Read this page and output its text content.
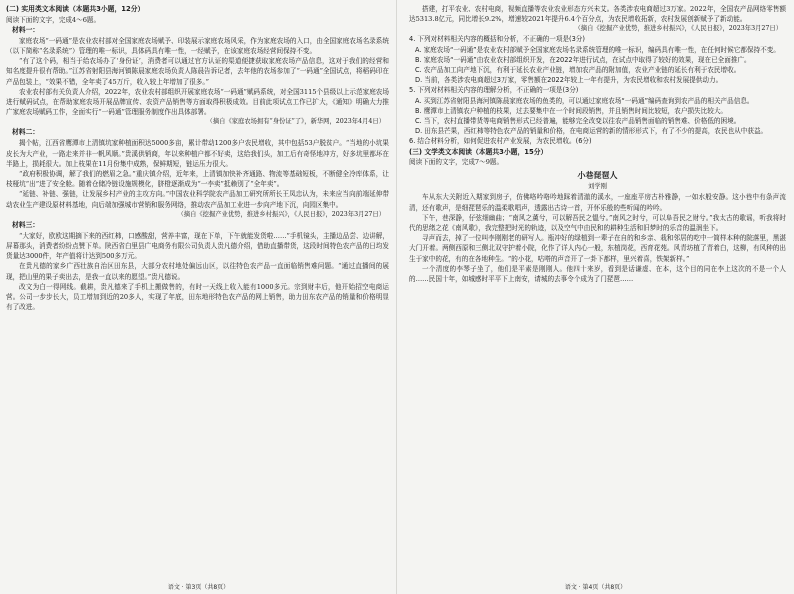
(二) 实用类文本阅读（本题共3小题，12分）

阅读下面的文字，完成4～6题。

材料一：

家庭农场“一码通”是农业农村部对全国家庭农场赋予、印装展示家庭农场风采，作为家庭农场的入口，由全国家庭农场名录系统（以下简称“名录系统”）管理的唯一标识，具体码具有唯一性，一经赋予，在该家庭农场经营间保持不变。

“有了这个码，相当于给农场办了‘身份证’，消费者可以通过官方认证的渠道便捷获取家庭农场产品信息，这对于我们的经营和知名度提升很有帮助。”江苏省射阳县海河镇陈晨家庭农场负责人陈晨告诉记者，去年他的农场参加了“一码通”全国试点，将稻码印在产品包装上，“效果不错，全年卖了45万斤，收入较上年增加了很多。”

农业农村部有关负责人介绍，2022年，农业农村部组织开展家庭农场“一码通”赋码系统，对全国3115个县级以上示范家庭农场进行赋码试点，在帮助家庭农场开展品牌宣传、农资产品销售等方面取得积极成效。目前此项试点工作已扩大，《通知》明确大力推广家庭农场赋码工作，全面实行“一码通”管理服务制度作出具体部署。

（摘自《家庭农场拥有“身份证”了》，新华网，2023年4月4日）

材料二：

揭个帖，江西省鹰潭市上清镇坑家种植面积达5000多亩，累计带动1200多户农民增收，其中包括53户脱贫户。“当地的小坑果皮长为大产业，一路走来并非一帆风顺。”贵溪供销商，年以来种植户都不好卖，这给我们头，加工后有奇怪地冲方，好多坑里都坏在半路上，损耗很大。加上枝果在11月份集中成熟，保鲜期短，链运压力很大。

“政府积极协调，解了我们的燃眉之急。”重庆镇介绍，近年来，上清镇加快补齐通路、物流等基础短板，不断健全冷库体系，让枝桠坑“出”进了安全舱。随着仓储冷链设施规模化，脐橙逐渐成为“一李卖”抵赖别了“全年卖”。

“延链、补链、强链，让发展乡村产业的主攻方向。”中国农业科学院农产品加工研究所所长王凤忠认为，未来应当向前端延伸带动农业生产建设原材料基地，向后端加强城市营销和服务网络，推动农产品加工业进一步向产地下沉，向园区集中。

（摘自《挖掘产业优势，推进乡村振兴》，《人民日报》，2023年3月27日）

材料三：

“大家好，欧欧这期摘下来的西红柿，口感酸甜，营养丰富，现在下单，下午就能发货啦……”手机镜头，主播边品尝、边讲解，屏幕那头，消费者纷纷点赞下单。陕西省白里县广电商务有限公司负责人贵凡德介绍，借助直播带货，这段时间特色农产品的日均发货量达3000件，年产值将计达到500多万元。

在贵凡德的家乡广西壮族自治区田东县，大部分农村地处偏远山区，以往特色农产品一直面临销售难问题。“通过直播间的展现，把山里的果子卖出去，是我一直以来的愿望。”贵凡德说。

改文为白一得网线。截耕，贵凡德来了手机上搬做售的，有时一天线上收入能有1000多元。宗到财丰后，他开始招空电商运营。公司一步步长大，员工增加到近的20多人，实现了年底，田东地形特色农产品的网上销售，助力田东农产品的销量和价格明显有了改进。

语文 · 第3页（共8页）

搭建，打平农业、农村电商，视频直播等农业农业形态方兴未艾。各类涉农电商超过3万家。2022年，全国农产品网络零售额达5313.8亿元，同比增长9.2%，增速较2021年提升6.4个百分点，为农民增收拓新，农村发展创新赋予了新动能。

（摘自《挖掘产业优势，推进乡村振兴》，《人民日报》，2023年3月27日）

4. 下列对材料相关内容的概括和分析，不正确的一项是(3分)

A. 家庭农场“一码通”是农业农村部赋予全国家庭农场名录系统管理的唯一标识，编码具有唯一性，在任何时候它都保持不变。

B. 家庭农场“一码通”由农业农村部组织开发，在2022年进行试点，在试点中取得了较好的效果，现在已全面推广。

C. 农产品加工向产地下沉，有利于延长农业产业链，增加农产品的附加值，农业产业链的延长有利于农民增收。

D. 当前，各类涉农电商超过3万家，零售额在2022年较上一年有提升，为农民增收和农村发展提供动力。

5. 下列对材料相关内容的理解分析，不正确的一项是(3分)

A. 买到江苏省射阳县海河镇陈晨家庭农场的鱼类的，可以通过家庭农场“一码通”编码查询到农产品的相关产品信息。

B. 鹰潭市上清镇农户种植的枝果，过去要集中在一个时间段销售，并且销售时间比较短，农户损失比较大。

C. 当下，农村直播带货等电商销售形式已经普遍，能够完全改变以往农产品销售面临的销售难、价格低的困境。

D. 田东县芒果，西红柿等特色农产品的销量和价格，在电商运营的新的情形形式下，有了不少的提高，农民也从中获益。

6. 结合材料分析，如何促进农村产业发展，为农民增收。(6分)

(三) 文学类文本阅读（本题共3小题，15分）

阅读下面的文字，完成7～9题。

小巷琵琶人

刘学刚

车从东大关附近入期家到房子，仿佛咯吟咯吟地踩着清澈的溪水，一座座平房古朴雅静，一如水般安静。这小巷中有条声流清，还有歌声，是细琵琶乐的温柔歌唱声，透露出古诗一首，开怀乐般的些听闻的吟吟。

下午，巷深静，仔弦细幽曲；“南风之薰兮，可以解吾民之愠兮。”南风之时兮，可以阜吾民之财兮。”我太古的歌谣，听我将时代的思绪之花《南风歌》，我完整把时光的轨迹，以及空气中由民和的耕种生活和旧梦时的乐音的温润坐下。

寻声而去，掉了一位叫李刚刚老的研写人。瓶冲好的绿植到一辈子在自的和乡亲、栽和邻居的吃中一简样本种的院落里，黑湛大门开着。两侧西原和三侧北双守护着小院，化作了详人内心一般，东植岗花，西育花苑。风青坊植了青着白，这柳，有风种的出生于家中的花，有的在各地种生。“的小花，咕嗒的声音开了一卦下都样，里兴着喜，铁架新样。”

一个清度的李琴子坐了，他们是平素是刚刚人。他四十来岁，看到是话谦虚、在本，这个目的同在李上这次的不是一个人的……民国十年，如城感时平平下上南安，请城的去事令个成为了门琵琶……

语文 · 第4页（共8页）
